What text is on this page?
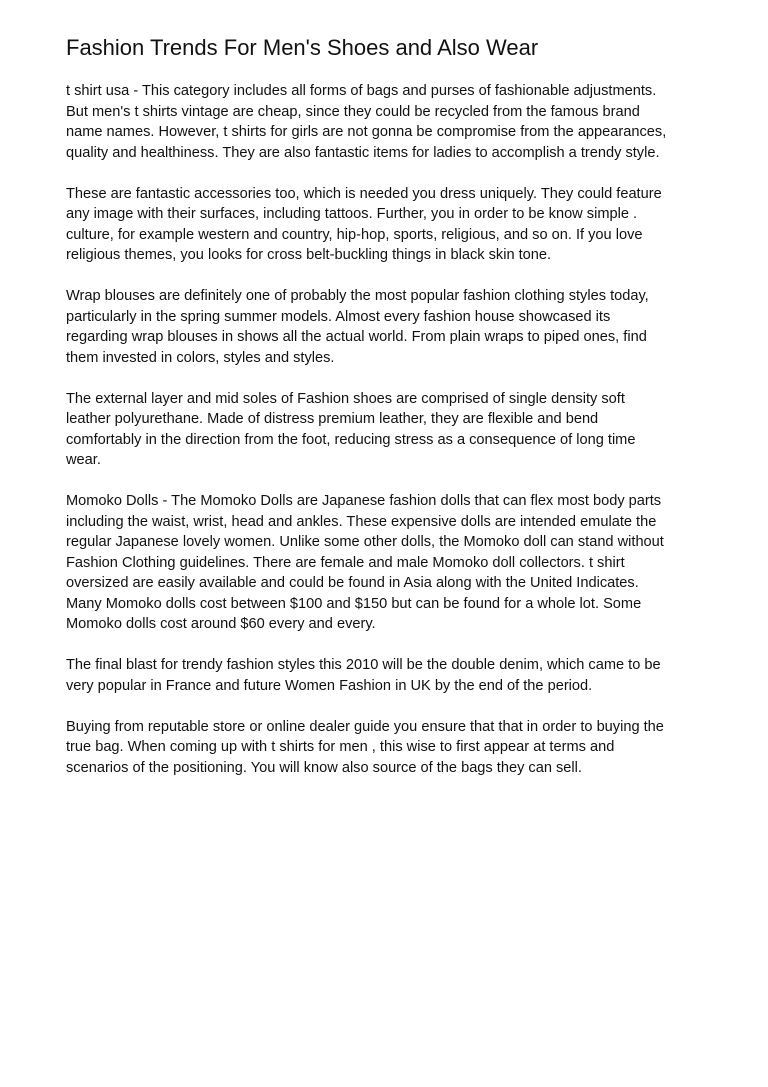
Fashion Trends For Men's Shoes and Also Wear

t shirt usa - This category includes all forms of bags and purses of fashionable adjustments.
But men's t shirts vintage are cheap, since they could be recycled from the famous brand
name names. However, t shirts for girls are not gonna be compromise from the appearances,
quality and healthiness. They are also fantastic items for ladies to accomplish a trendy style.

These are fantastic accessories too, which is needed you dress uniquely. They could feature
any image with their surfaces, including tattoos. Further, you in order to be know simple .
culture, for example western and country, hip-hop, sports, religious, and so on. If you love
religious themes, you looks for cross belt-buckling things in black skin tone.

Wrap blouses are definitely one of probably the most popular fashion clothing styles today,
particularly in the spring summer models. Almost every fashion house showcased its
regarding wrap blouses in shows all the actual world. From plain wraps to piped ones, find
them invested in colors, styles and styles.

The external layer and mid soles of Fashion shoes are comprised of single density soft
leather polyurethane. Made of distress premium leather, they are flexible and bend
comfortably in the direction from the foot, reducing stress as a consequence of long time
wear.

Momoko Dolls - The Momoko Dolls are Japanese fashion dolls that can flex most body parts
including the waist, wrist, head and ankles. These expensive dolls are intended emulate the
regular Japanese lovely women. Unlike some other dolls, the Momoko doll can stand without
Fashion Clothing guidelines. There are female and male Momoko doll collectors. t shirt
oversized are easily available and could be found in Asia along with the United Indicates.
Many Momoko dolls cost between $100 and $150 but can be found for a whole lot. Some
Momoko dolls cost around $60 every and every.

The final blast for trendy fashion styles this 2010 will be the double denim, which came to be
very popular in France and future Women Fashion in UK by the end of the period.

Buying from reputable store or online dealer guide you ensure that that in order to buying the
true bag. When coming up with t shirts for men , this wise to first appear at terms and
scenarios of the positioning. You will know also source of the bags they can sell.
